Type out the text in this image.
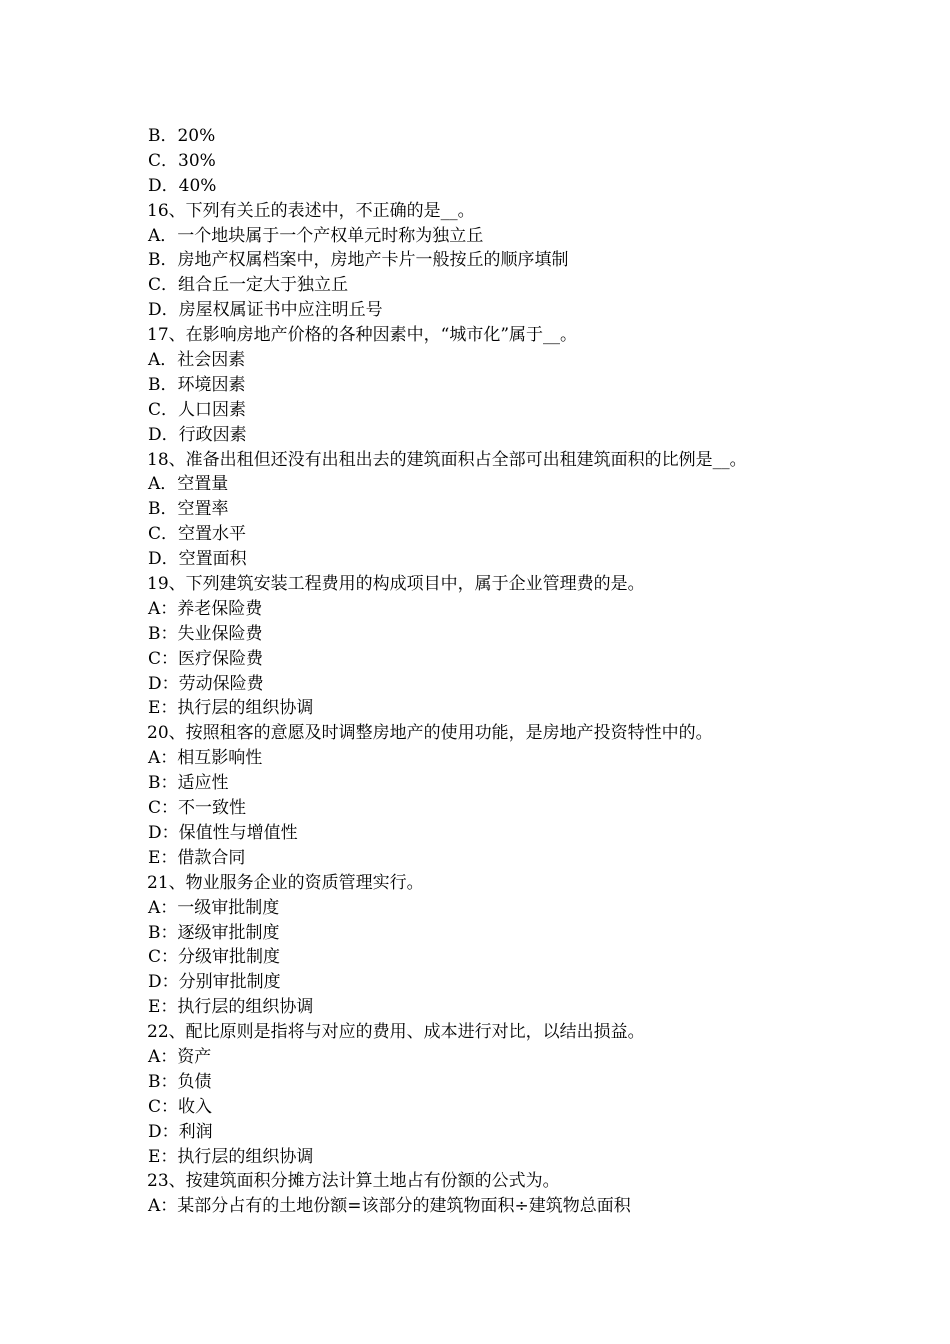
B．20%
C．30%
D．40%
16、下列有关丘的表述中，不正确的是__。
A．一个地块属于一个产权单元时称为独立丘
B．房地产权属档案中，房地产卡片一般按丘的顺序填制
C．组合丘一定大于独立丘
D．房屋权属证书中应注明丘号
17、在影响房地产价格的各种因素中，“城市化”属于__。
A．社会因素
B．环境因素
C．人口因素
D．行政因素
18、准备出租但还没有出租出去的建筑面积占全部可出租建筑面积的比例是__。
A．空置量
B．空置率
C．空置水平
D．空置面积
19、下列建筑安装工程费用的构成项目中，属于企业管理费的是。
A：养老保险费
B：失业保险费
C：医疗保险费
D：劳动保险费
E：执行层的组织协调
20、按照租客的意愿及时调整房地产的使用功能，是房地产投资特性中的。
A：相互影响性
B：适应性
C：不一致性
D：保值性与增值性
E：借款合同
21、物业服务企业的资质管理实行。
A：一级审批制度
B：逐级审批制度
C：分级审批制度
D：分别审批制度
E：执行层的组织协调
22、配比原则是指将与对应的费用、成本进行对比，以结出损益。
A：资产
B：负债
C：收入
D：利润
E：执行层的组织协调
23、按建筑面积分摊方法计算土地占有份额的公式为。
A：某部分占有的土地份额=该部分的建筑物面积÷建筑物总面积
